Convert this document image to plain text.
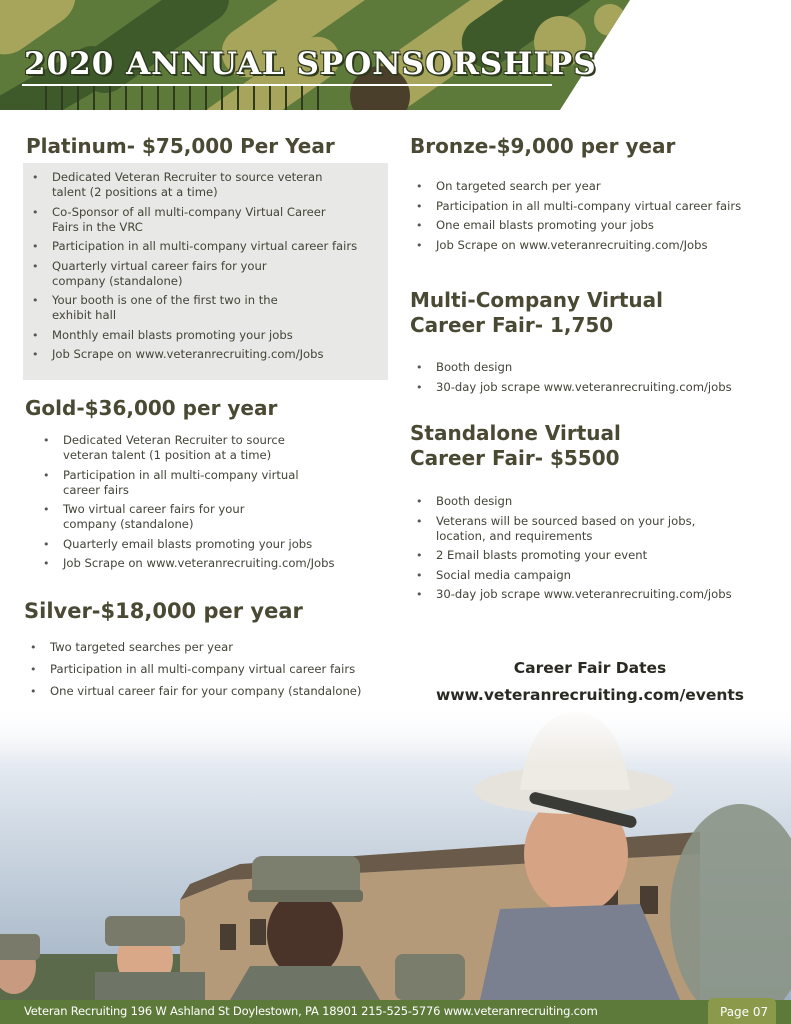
2020 ANNUAL SPONSORSHIPS
Platinum- $75,000 Per Year
• Dedicated Veteran Recruiter to source veteran talent (2 positions at a time)
• Co-Sponsor of all multi-company Virtual Career Fairs in the VRC
• Participation in all multi-company virtual career fairs
• Quarterly virtual career fairs for your company (standalone)
• Your booth is one of the first two in the exhibit hall
• Monthly email blasts promoting your jobs
• Job Scrape on www.veteranrecruiting.com/Jobs
Gold-$36,000 per year
• Dedicated Veteran Recruiter to source veteran talent (1 position at a time)
• Participation in all multi-company virtual career fairs
• Two virtual career fairs for your company (standalone)
• Quarterly email blasts promoting your jobs
• Job Scrape on www.veteranrecruiting.com/Jobs
Silver-$18,000 per year
• Two targeted searches per year
• Participation in all multi-company virtual career fairs
• One virtual career fair for your company (standalone)
•
•
Bronze-$9,000 per year
• On targeted search per year
• Participation in all multi-company virtual career fairs
• One email blasts promoting your jobs
• Job Scrape on www.veteranrecruiting.com/Jobs
Multi-Company Virtual
Career Fair- 1,750
• Booth design
• 30-day job scrape www.veteranrecruiting.com/jobs
Standalone Virtual
Career Fair- $5500
• Booth design
• Veterans will be sourced based on your jobs, location, and requirements
• 2 Email blasts promoting your event
• Social media campaign
• 30-day job scrape www.veteranrecruiting.com/jobs
Career Fair Dates
www.veteranrecruiting.com/events
Veteran Recruiting 196 W Ashland St Doylestown, PA 18901 215-525-5776 www.veteranrecruiting.com	Page 07
